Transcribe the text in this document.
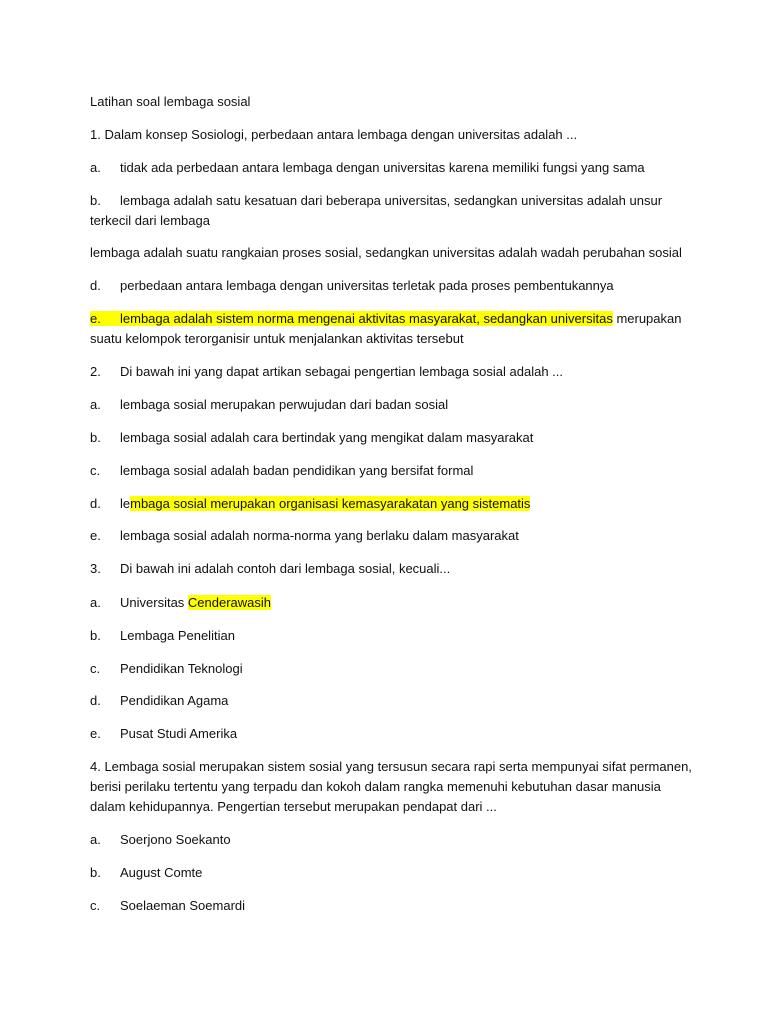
Latihan soal lembaga sosial
1. Dalam konsep Sosiologi, perbedaan antara lembaga dengan universitas adalah ...
a. tidak ada perbedaan antara lembaga dengan universitas karena memiliki fungsi yang sama
b. lembaga adalah satu kesatuan dari beberapa universitas, sedangkan universitas adalah unsur
terkecil dari lembaga
lembaga adalah suatu rangkaian proses sosial, sedangkan universitas adalah wadah perubahan sosial
d. perbedaan antara lembaga dengan universitas terletak pada proses pembentukannya
e. lembaga adalah sistem norma mengenai aktivitas masyarakat, sedangkan universitas merupakan
suatu kelompok terorganisir untuk menjalankan aktivitas tersebut
2. Di bawah ini yang dapat artikan sebagai pengertian lembaga sosial adalah ...
a. lembaga sosial merupakan perwujudan dari badan sosial
b. lembaga sosial adalah cara bertindak yang mengikat dalam masyarakat
c. lembaga sosial adalah badan pendidikan yang bersifat formal
d. lembaga sosial merupakan organisasi kemasyarakatan yang sistematis
e. lembaga sosial adalah norma-norma yang berlaku dalam masyarakat
3. Di bawah ini adalah contoh dari lembaga sosial, kecuali...
a. Universitas Cenderawasih
b. Lembaga Penelitian
c. Pendidikan Teknologi
d. Pendidikan Agama
e. Pusat Studi Amerika
4. Lembaga sosial merupakan sistem sosial yang tersusun secara rapi serta mempunyai sifat permanen,
berisi perilaku tertentu yang terpadu dan kokoh dalam rangka memenuhi kebutuhan dasar manusia
dalam kehidupannya. Pengertian tersebut merupakan pendapat dari ...
a. Soerjono Soekanto
b. August Comte
c. Soelaeman Soemardi
